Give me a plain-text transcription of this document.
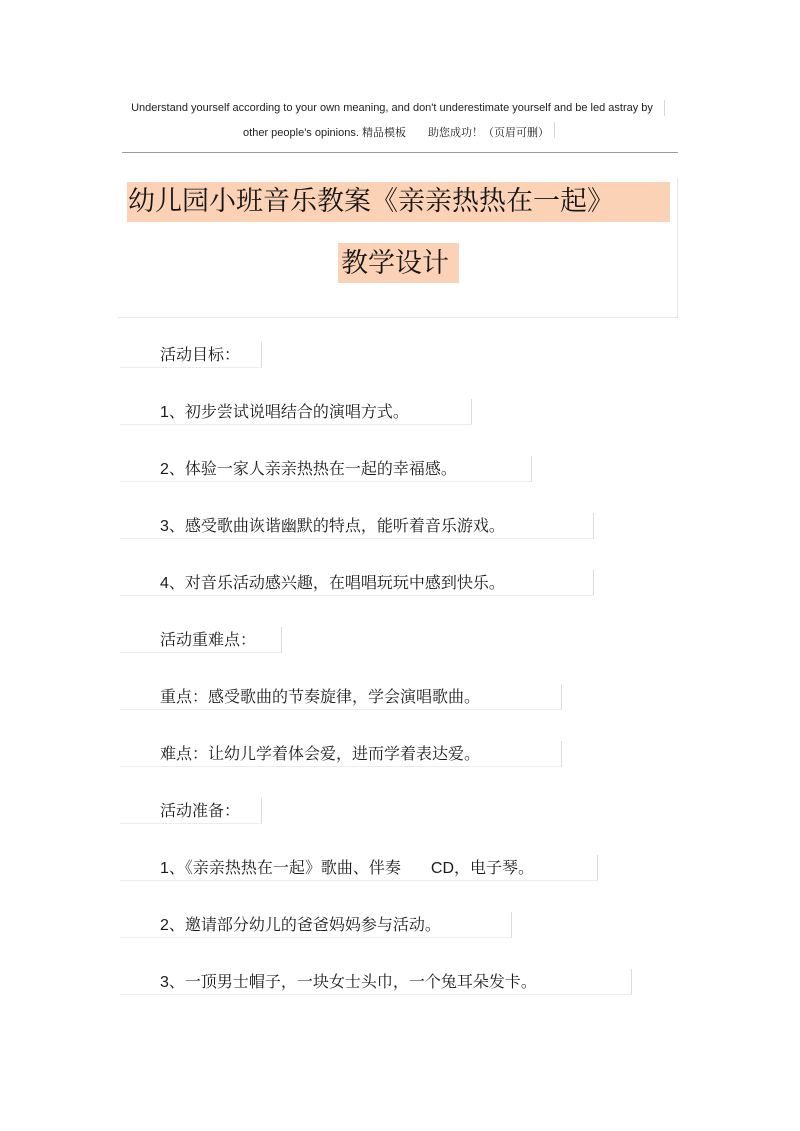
Understand yourself according to your own meaning, and don't underestimate yourself and be led astray by
other people's opinions. 精品模板 助您成功！（页眉可删）
幼儿园小班音乐教案《亲亲热热在一起》
教学设计
活动目标：
1、初步尝试说唱结合的演唱方式。
2、体验一家人亲亲热热在一起的幸福感。
3、感受歌曲诙谐幽默的特点，能听着音乐游戏。
4、对音乐活动感兴趣，在唱唱玩玩中感到快乐。
活动重难点：
重点：感受歌曲的节奏旋律，学会演唱歌曲。
难点：让幼儿学着体会爱，进而学着表达爱。
活动准备：
1、《亲亲热热在一起》歌曲、伴奏 CD，电子琴。
2、邀请部分幼儿的爸爸妈妈参与活动。
3、一顶男士帽子，一块女士头巾，一个兔耳朵发卡。
